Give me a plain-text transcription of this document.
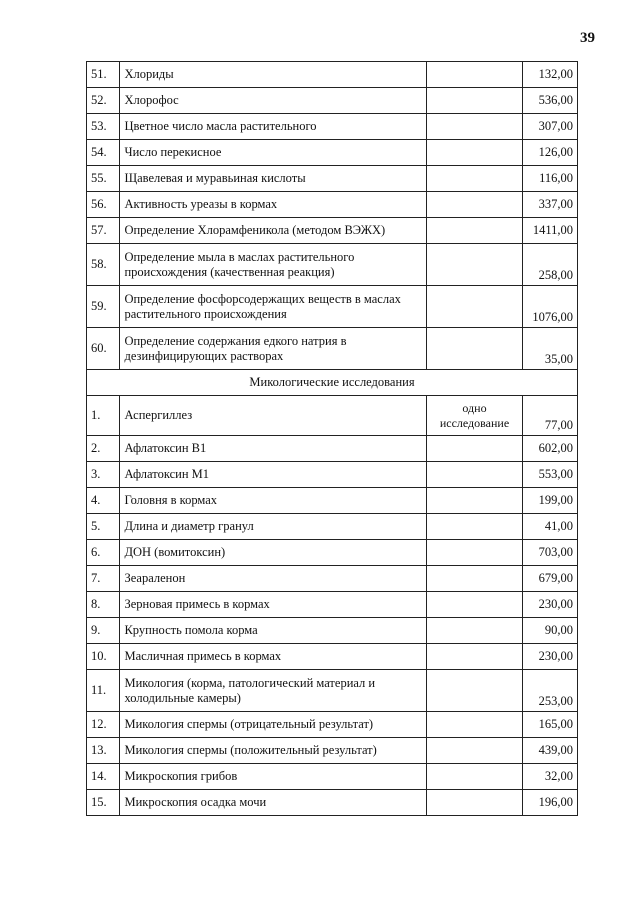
39
51.	Хлориды		132,00
52.	Хлорофос		536,00
53.	Цветное число масла растительного		307,00
54.	Число перекисное		126,00
55.	Щавелевая и муравьиная кислоты		116,00
56.	Активность уреазы в кормах		337,00
57.	Определение Хлорамфеникола (методом ВЭЖХ)		1411,00
58.	Определение мыла в маслах растительного происхождения (качественная реакция)		258,00
59.	Определение фосфорсодержащих веществ в маслах растительного происхождения		1076,00
60.	Определение содержания едкого натрия в дезинфицирующих растворах		35,00
Микологические исследования			
1.	Аспергиллез	одно исследование	77,00
2.	Афлатоксин В1		602,00
3.	Афлатоксин М1		553,00
4.	Головня в кормах		199,00
5.	Длина и диаметр гранул		41,00
6.	ДОН (вомитоксин)		703,00
7.	Зеараленон		679,00
8.	Зерновая примесь в кормах		230,00
9.	Крупность помола корма		90,00
10.	Масличная примесь в кормах		230,00
11.	Микология (корма, патологический материал и холодильные камеры)		253,00
12.	Микология спермы (отрицательный результат)		165,00
13.	Микология спермы (положительный результат)		439,00
14.	Микроскопия грибов		32,00
15.	Микроскопия осадка мочи		196,00
